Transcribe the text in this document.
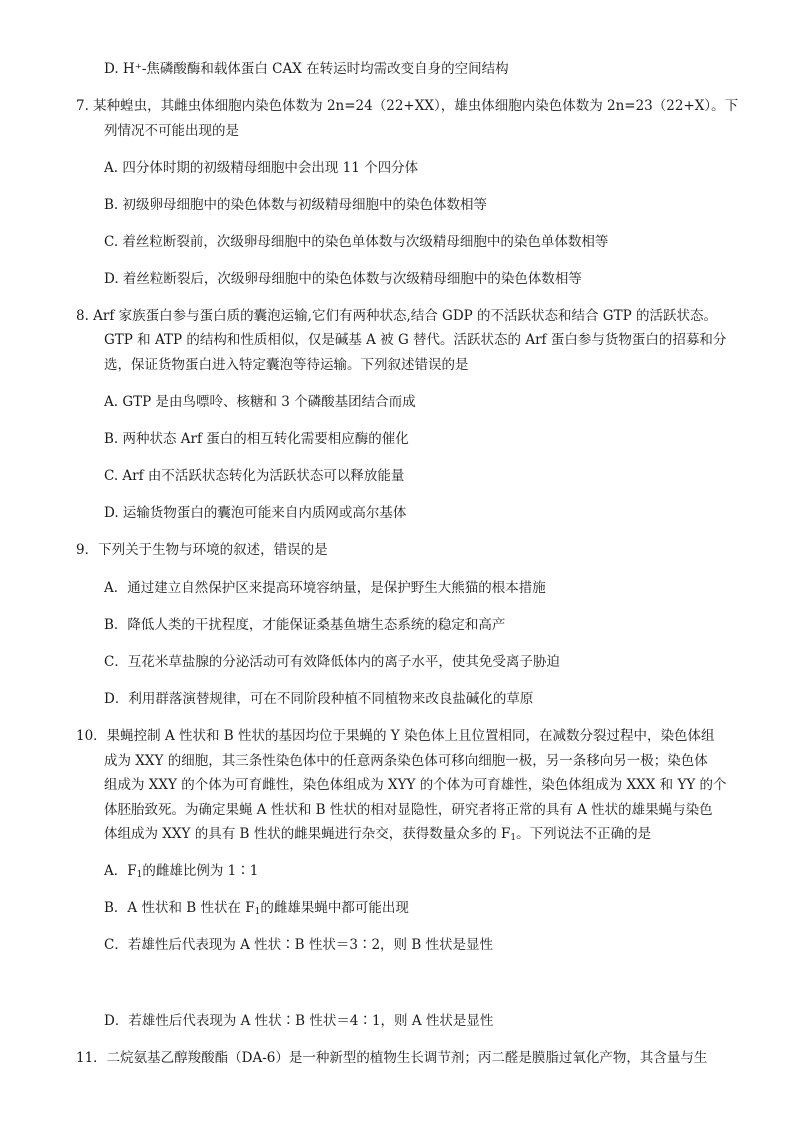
D. H⁺-焦磷酸酶和载体蛋白 CAX 在转运时均需改变自身的空间结构
7. 某种蝗虫，其雌虫体细胞内染色体数为 2n=24（22+XX），雄虫体细胞内染色体数为 2n=23（22+X）。下
列情况不可能出现的是
A. 四分体时期的初级精母细胞中会出现 11 个四分体
B. 初级卵母细胞中的染色体数与初级精母细胞中的染色体数相等
C. 着丝粒断裂前，次级卵母细胞中的染色单体数与次级精母细胞中的染色单体数相等
D. 着丝粒断裂后，次级卵母细胞中的染色体数与次级精母细胞中的染色体数相等
8. Arf 家族蛋白参与蛋白质的囊泡运输,它们有两种状态,结合 GDP 的不活跃状态和结合 GTP 的活跃状态。
GTP 和 ATP 的结构和性质相似，仅是碱基 A 被 G 替代。活跃状态的 Arf 蛋白参与货物蛋白的招募和分
选，保证货物蛋白进入特定囊泡等待运输。下列叙述错误的是
A. GTP 是由鸟嘌呤、核糖和 3 个磷酸基团结合而成
B. 两种状态 Arf 蛋白的相互转化需要相应酶的催化
C. Arf 由不活跃状态转化为活跃状态可以释放能量
D. 运输货物蛋白的囊泡可能来自内质网或高尔基体
9．下列关于生物与环境的叙述，错误的是
A．通过建立自然保护区来提高环境容纳量，是保护野生大熊猫的根本措施
B．降低人类的干扰程度，才能保证桑基鱼塘生态系统的稳定和高产
C．互花米草盐腺的分泌活动可有效降低体内的离子水平，使其免受离子胁迫
D．利用群落演替规律，可在不同阶段种植不同植物来改良盐碱化的草原
10．果蝇控制 A 性状和 B 性状的基因均位于果蝇的 Y 染色体上且位置相同，在减数分裂过程中，染色体组
成为 XXY 的细胞，其三条性染色体中的任意两条染色体可移向细胞一极，另一条移向另一极；染色体
组成为 XXY 的个体为可育雌性，染色体组成为 XYY 的个体为可育雄性，染色体组成为 XXX 和 YY 的个
体胚胎致死。为确定果蝇 A 性状和 B 性状的相对显隐性，研究者将正常的具有 A 性状的雄果蝇与染色
体组成为 XXY 的具有 B 性状的雌果蝇进行杂交，获得数量众多的 $F_1$。下列说法不正确的是
A．$F_1$的雌雄比例为 1∶1
B．A 性状和 B 性状在 $F_1$的雌雄果蝇中都可能出现
C．若雄性后代表现为 A 性状∶B 性状＝3∶2，则 B 性状是显性
D．若雄性后代表现为 A 性状∶B 性状＝4∶1，则 A 性状是显性
11．二烷氨基乙醇羧酸酯（DA-6）是一种新型的植物生长调节剂；丙二醛是膜脂过氧化产物，其含量与生
